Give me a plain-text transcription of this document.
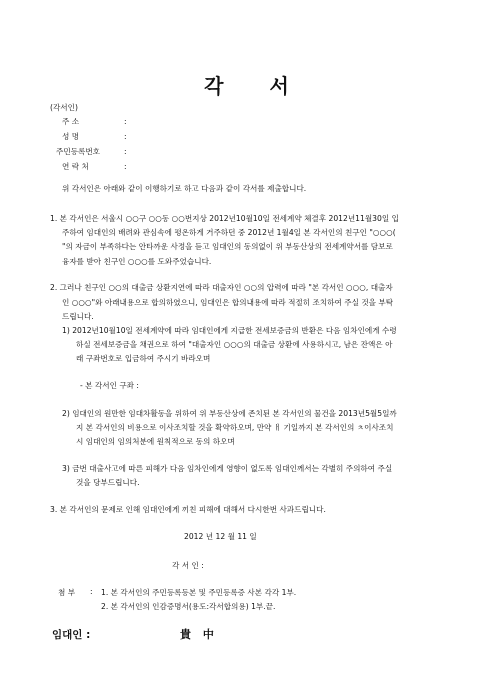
각 서
(각서인)
주 소	:
성 명	:
주민등록번호	:
연 락 처	:
위 각서인은 아래와 같이 이행하기로 하고 다음과 같이 각서를 제출합니다.
1. 본 각서인은 서울시 ○○구 ○○동 ○○번지상 2012년10월10일 전세계약 체결후 2012년11월30일 입
주하여 임대인의 배려와 관심속에 평온하게 거주하던 중 2012년 1월4일 본 각서인의 친구인 "○○○(
"의 자금이 부족하다는 안타까운 사정을 듣고 임대인의 동의없이 위 부동산상의 전세계약서를 담보로
융자를 받아 친구인 ○○○를 도와주었습니다.
2. 그러나 친구인 ○○의 대출금 상환지연에 따라 대출자인 ○○의 압력에 따라 "본 각서인 ○○○, 대출자
인 ○○○"와 아래내용으로 합의하였으니, 임대인은 합의내용에 따라 적절히 조치하여 주실 것을 부탁
드립니다.
1) 2012년10월10일 전세계약에 따라 임대인에게 지급한 전세보증금의 반환은 다음 임차인에게 수령
하실 전세보증금을 채권으로 하여 "대출자인 ○○○의 대출금 상환에 사용하시고, 남은 잔액은 아
래 구좌번호로 입금하여 주시기 바라오며
- 본 각서인 구좌 :
2) 임대인의 원만한 임대차활동을 위하여 위 부동산상에 존치된 본 각서인의 물건을 2013년5월5일까
지 본 각서인의 비용으로 이사조치할 것을 확약하오며, 만약 ㅐ 기일까지 본 각서인의 ㅊ이사조치
시 임대인의 임의처분에 원칙적으로 동의 하오며
3) 금번 대출사고에 따른 피해가 다음 임차인에게 영향이 없도록 임대인께서는 각별히 주의하여 주실
것을 당부드립니다.
3. 본 각서인의 문제로 인해 임대인에게 끼친 피해에 대해서 다시한번 사과드립니다.
2012 년 12 월 11 일
각 서 인 :
첨 부 : 1. 본 각서인의 주민등록등본 및 주민등록증 사본 각각 1부.
2. 본 각서인의 인감증명서(용도:각서합의용) 1부.끝.
임대인 :	貴 中
